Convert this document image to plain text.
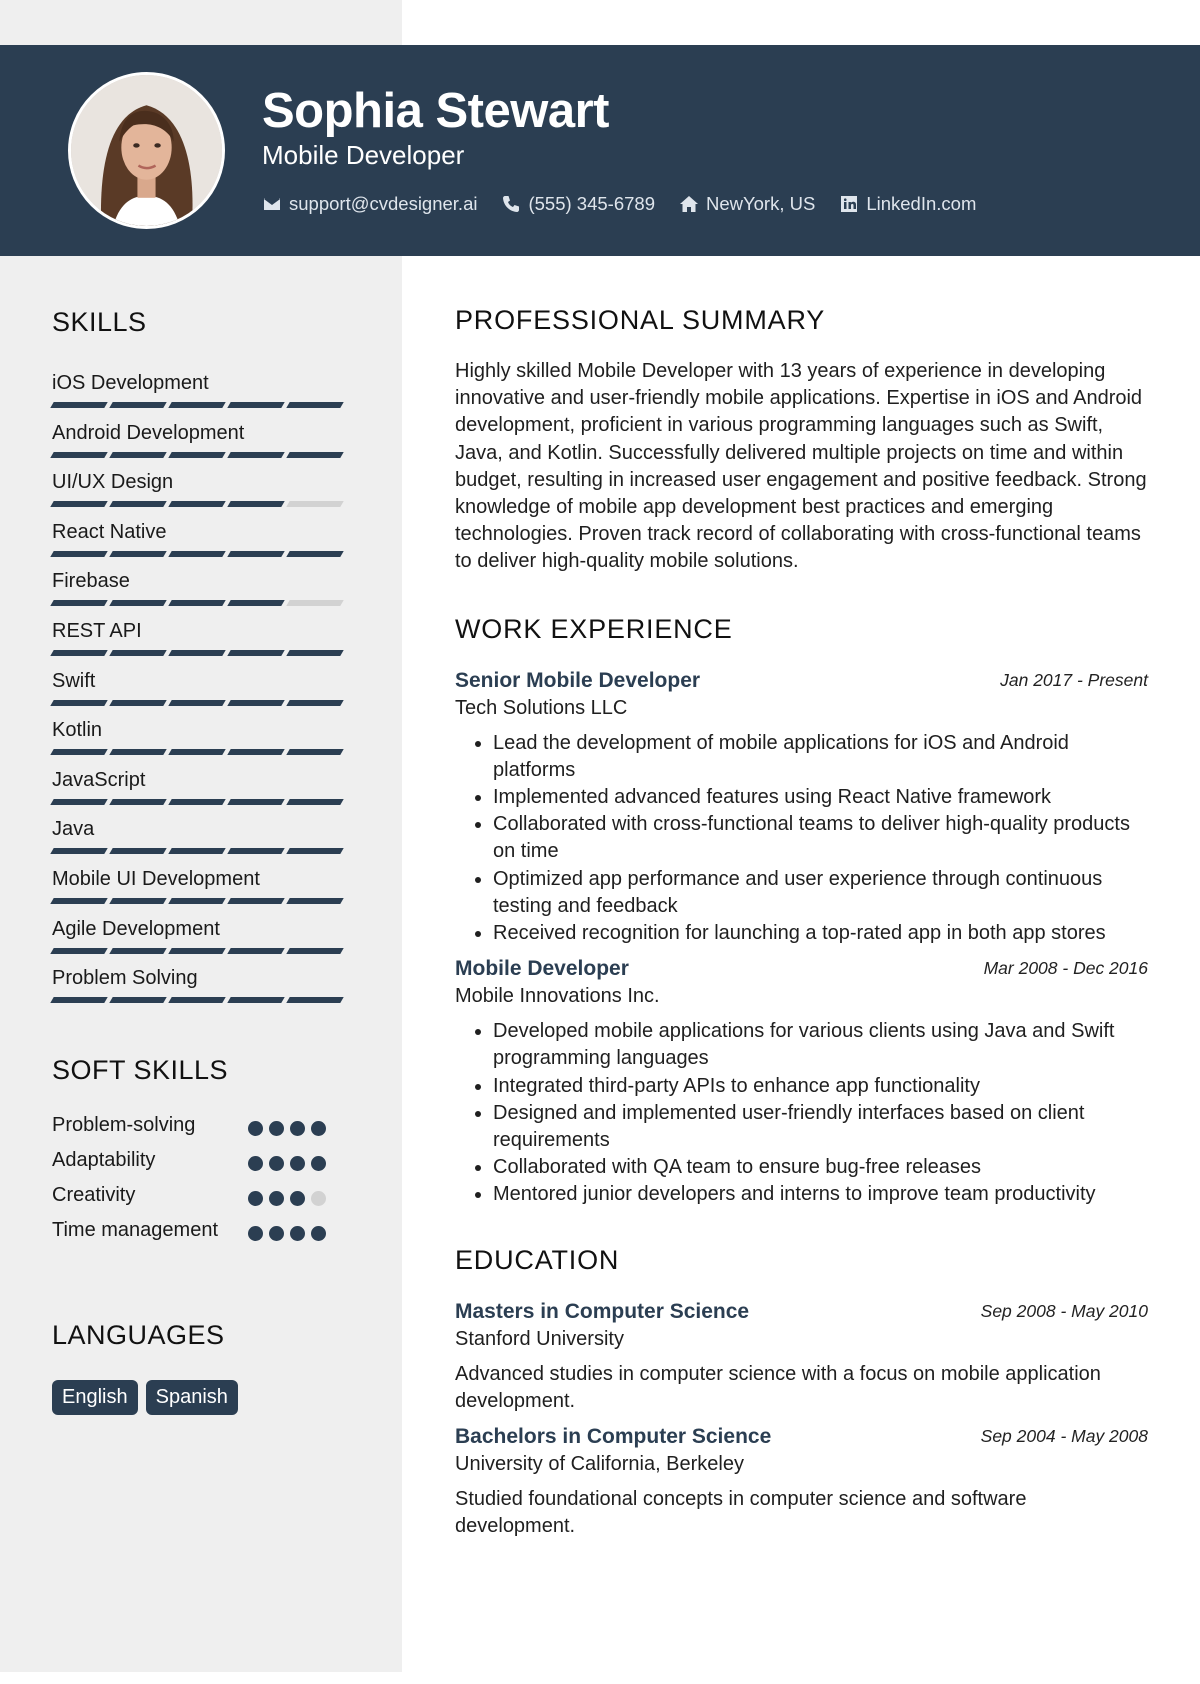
Sophia Stewart
Mobile Developer
support@cvdesigner.ai	(555) 345-6789	NewYork, US	LinkedIn.com
SKILLS
iOS Development
Android Development
UI/UX Design
React Native
Firebase
REST API
Swift
Kotlin
JavaScript
Java
Mobile UI Development
Agile Development
Problem Solving
SOFT SKILLS
Problem-solving
Adaptability
Creativity
Time management
LANGUAGES
English	Spanish
PROFESSIONAL SUMMARY
Highly skilled Mobile Developer with 13 years of experience in developing innovative and user-friendly mobile applications. Expertise in iOS and Android development, proficient in various programming languages such as Swift, Java, and Kotlin. Successfully delivered multiple projects on time and within budget, resulting in increased user engagement and positive feedback. Strong knowledge of mobile app development best practices and emerging technologies. Proven track record of collaborating with cross-functional teams to deliver high-quality mobile solutions.
WORK EXPERIENCE
Senior Mobile Developer	Jan 2017 - Present
Tech Solutions LLC
• Lead the development of mobile applications for iOS and Android platforms
• Implemented advanced features using React Native framework
• Collaborated with cross-functional teams to deliver high-quality products on time
• Optimized app performance and user experience through continuous testing and feedback
• Received recognition for launching a top-rated app in both app stores
Mobile Developer	Mar 2008 - Dec 2016
Mobile Innovations Inc.
• Developed mobile applications for various clients using Java and Swift programming languages
• Integrated third-party APIs to enhance app functionality
• Designed and implemented user-friendly interfaces based on client requirements
• Collaborated with QA team to ensure bug-free releases
• Mentored junior developers and interns to improve team productivity
EDUCATION
Masters in Computer Science	Sep 2008 - May 2010
Stanford University
Advanced studies in computer science with a focus on mobile application development.
Bachelors in Computer Science	Sep 2004 - May 2008
University of California, Berkeley
Studied foundational concepts in computer science and software development.
